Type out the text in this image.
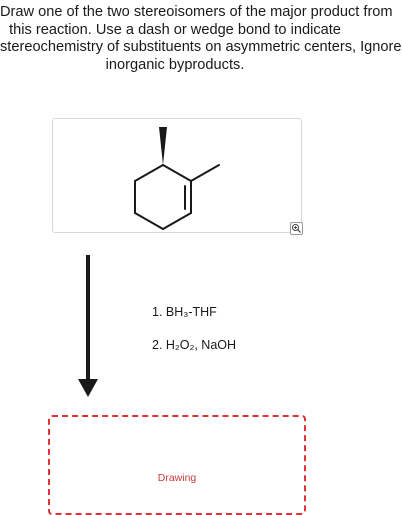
Draw one of the two stereoisomers of the major product from
this reaction. Use a dash or wedge bond to indicate
stereochemistry of substituents on asymmetric centers, Ignore
inorganic byproducts.
1. BH₃-THF
2. H₂O₂, NaOH
Drawing
